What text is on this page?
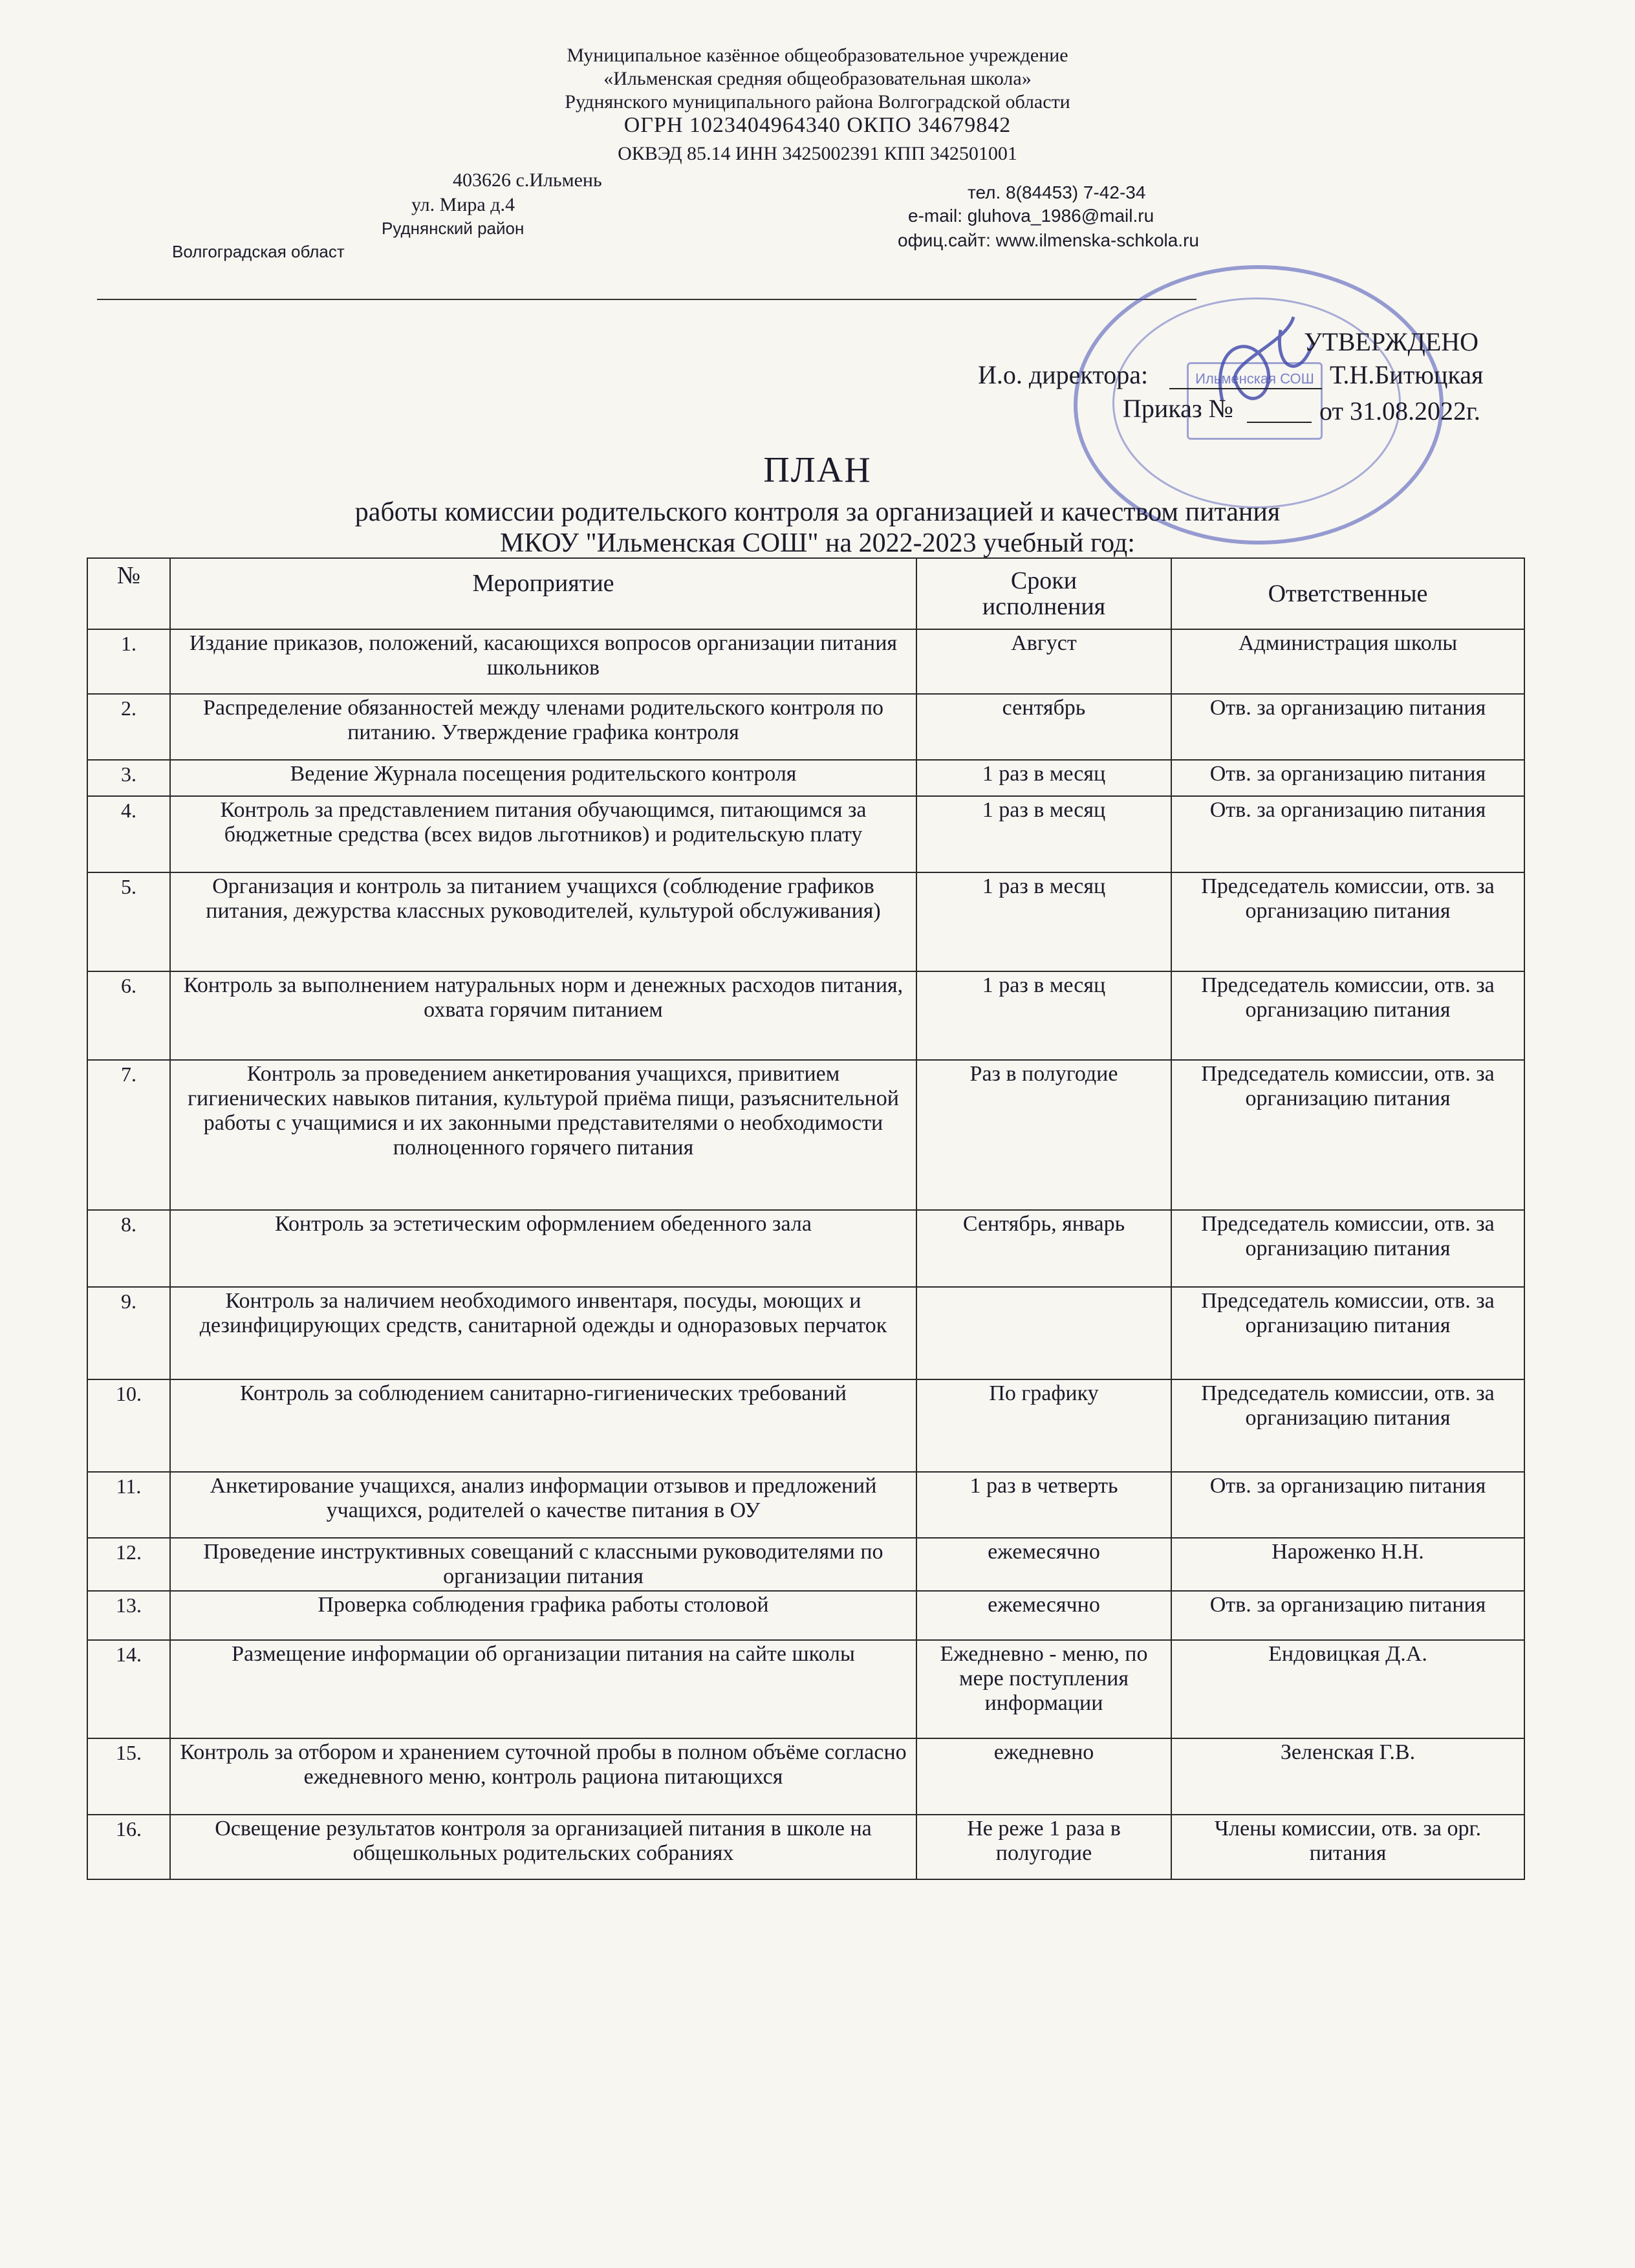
Муниципальное казённое общеобразовательное учреждение
«Ильменская средняя общеобразовательная школа»
Руднянского муниципального района Волгоградской области
ОГРН 1023404964340 ОКПО 34679842
ОКВЭД 85.14 ИНН 3425002391 КПП 342501001
403626 с.Ильмень
ул. Мира д.4
Руднянский район
Волгоградская област
тел. 8(84453) 7-42-34
e-mail: gluhova_1986@mail.ru
офиц.сайт: www.ilmenska-schkola.ru
Ильменская СОШ
УТВЕРЖДЕНО
И.о. директора:	Т.Н.Битюцкая
Приказ №	от 31.08.2022г.
ПЛАН
работы комиссии родительского контроля за организацией и качеством питания
МКОУ "Ильменская СОШ" на 2022-2023 учебный год:
№	Мероприятие	Сроки исполнения	Ответственные
1.	Издание приказов, положений, касающихся вопросов организации питания школьников	Август	Администрация школы
2.	Распределение обязанностей между членами родительского контроля по питанию. Утверждение графика контроля	сентябрь	Отв. за организацию питания
3.	Ведение Журнала посещения родительского контроля	1 раз в месяц	Отв. за организацию питания
4.	Контроль за представлением питания обучающимся, питающимся за бюджетные средства (всех видов льготников) и родительскую плату	1 раз в месяц	Отв. за организацию питания
5.	Организация и контроль за питанием учащихся (соблюдение графиков питания, дежурства классных руководителей, культурой обслуживания)	1 раз в месяц	Председатель комиссии, отв. за организацию питания
6.	Контроль за выполнением натуральных норм и денежных расходов питания, охвата горячим питанием	1 раз в месяц	Председатель комиссии, отв. за организацию питания
7.	Контроль за проведением анкетирования учащихся, привитием гигиенических навыков питания, культурой приёма пищи, разъяснительной работы с учащимися и их законными представителями о необходимости полноценного горячего питания	Раз в полугодие	Председатель комиссии, отв. за организацию питания
8.	Контроль за эстетическим оформлением обеденного зала	Сентябрь, январь	Председатель комиссии, отв. за организацию питания
9.	Контроль за наличием необходимого инвентаря, посуды, моющих и дезинфицирующих средств, санитарной одежды и одноразовых перчаток		Председатель комиссии, отв. за организацию питания
10.	Контроль за соблюдением санитарно-гигиенических требований	По графику	Председатель комиссии, отв. за организацию питания
11.	Анкетирование учащихся, анализ информации отзывов и предложений учащихся, родителей о качестве питания в ОУ	1 раз в четверть	Отв. за организацию питания
12.	Проведение инструктивных совещаний с классными руководителями по организации питания	ежемесячно	Нароженко Н.Н.
13.	Проверка соблюдения графика работы столовой	ежемесячно	Отв. за организацию питания
14.	Размещение информации об организации питания на сайте школы	Ежедневно - меню, по мере поступления информации	Ендовицкая Д.А.
15.	Контроль за отбором и хранением суточной пробы в полном объёме согласно ежедневного меню, контроль рациона питающихся	ежедневно	Зеленская Г.В.
16.	Освещение результатов контроля за организацией питания в школе на общешкольных родительских собраниях	Не реже 1 раза в полугодие	Члены комиссии, отв. за орг. питания
